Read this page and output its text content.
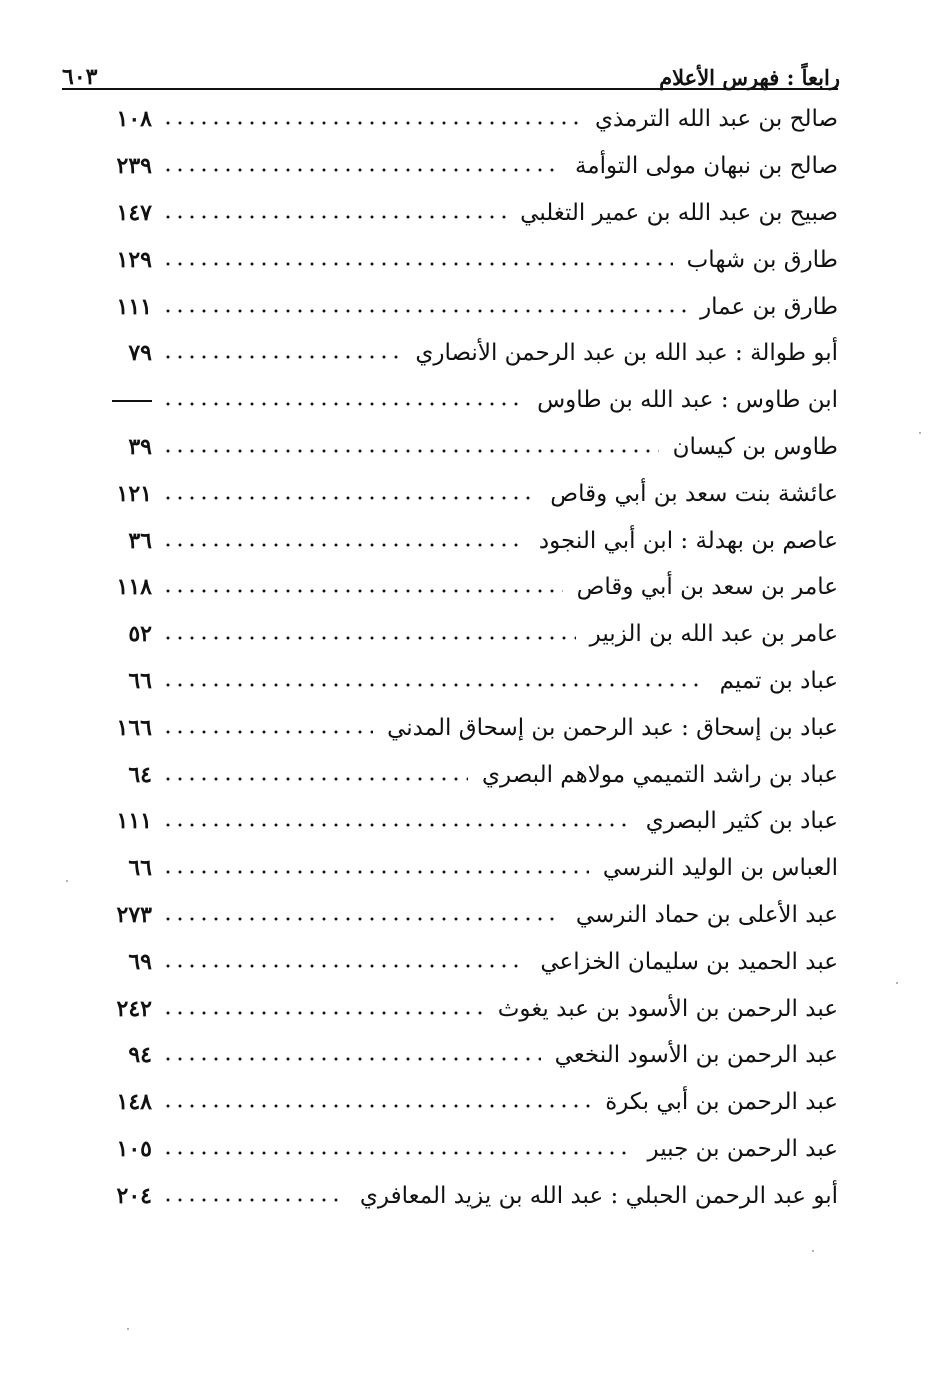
رابعاً : فهرس الأعلام
٦٠٣
صالح بن عبد الله الترمذي
١٠٨
صالح بن نبهان مولى التوأمة
٢٣٩
صبيح بن عبد الله بن عمير التغلبي
١٤٧
طارق بن شهاب
١٢٩
طارق بن عمار
١١١
أبو طوالة : عبد الله بن عبد الرحمن الأنصاري
٧٩
ابن طاوس : عبد الله بن طاوس
طاوس بن كيسان
٣٩
عائشة بنت سعد بن أبي وقاص
١٢١
عاصم بن بهدلة : ابن أبي النجود
٣٦
عامر بن سعد بن أبي وقاص
١١٨
عامر بن عبد الله بن الزبير
٥٢
عباد بن تميم
٦٦
عباد بن إسحاق : عبد الرحمن بن إسحاق المدني
١٦٦
عباد بن راشد التميمي مولاهم البصري
٦٤
عباد بن كثير البصري
١١١
العباس بن الوليد النرسي
٦٦
عبد الأعلى بن حماد النرسي
٢٧٣
عبد الحميد بن سليمان الخزاعي
٦٩
عبد الرحمن بن الأسود بن عبد يغوث
٢٤٢
عبد الرحمن بن الأسود النخعي
٩٤
عبد الرحمن بن أبي بكرة
١٤٨
عبد الرحمن بن جبير
١٠٥
أبو عبد الرحمن الحبلي : عبد الله بن يزيد المعافري
٢٠٤
